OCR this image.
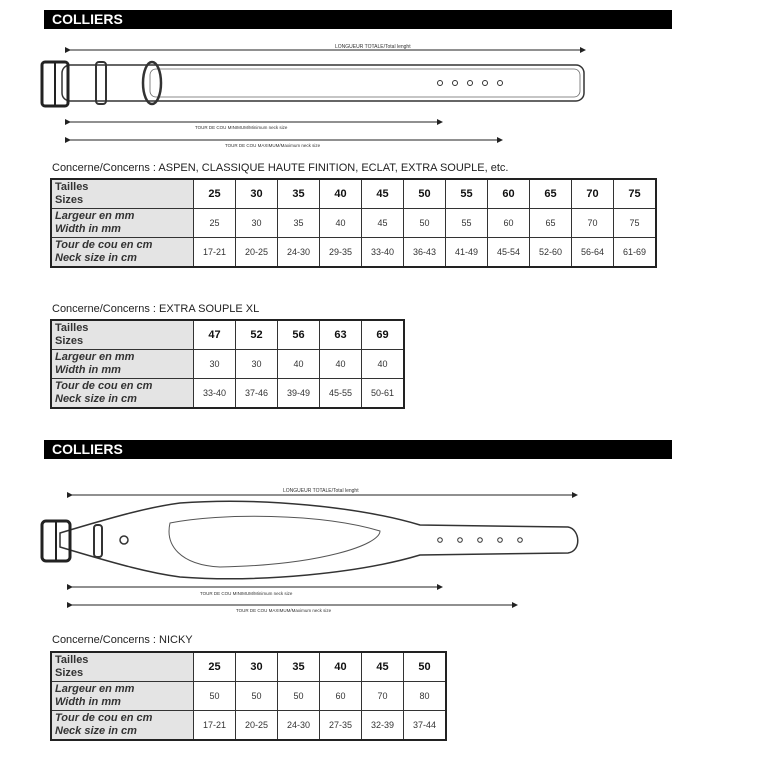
COLLIERS
LONGUEUR TOTALE/Total lenght
TOUR DE COU MINIMUM/Minimum neck size
TOUR DE COU MAXIMUM/Maximum neck size
Concerne/Concerns : ASPEN, CLASSIQUE HAUTE FINITION, ECLAT, EXTRA SOUPLE, etc.
Tailles
Sizes	25	30	35	40	45	50	55	60	65	70	75

Largeur en mm
Width in mm	25	30	35	40	45	50	55	60	65	70	75

Tour de cou en cm
Neck size in cm	17-21	20-25	24-30	29-35	33-40	36-43	41-49	45-54	52-60	56-64	61-69
Concerne/Concerns : EXTRA SOUPLE XL
Tailles
Sizes	47	52	56	63	69

Largeur en mm
Width in mm	30	30	40	40	40

Tour de cou en cm
Neck size in cm	33-40	37-46	39-49	45-55	50-61
COLLIERS
LONGUEUR TOTALE/Total lenght
TOUR DE COU MINIMUM/Minimum neck size
TOUR DE COU MAXIMUM/Maximum neck size
Concerne/Concerns : NICKY
Tailles
Sizes	25	30	35	40	45	50

Largeur en mm
Width in mm	50	50	50	60	70	80

Tour de cou en cm
Neck size in cm	17-21	20-25	24-30	27-35	32-39	37-44
